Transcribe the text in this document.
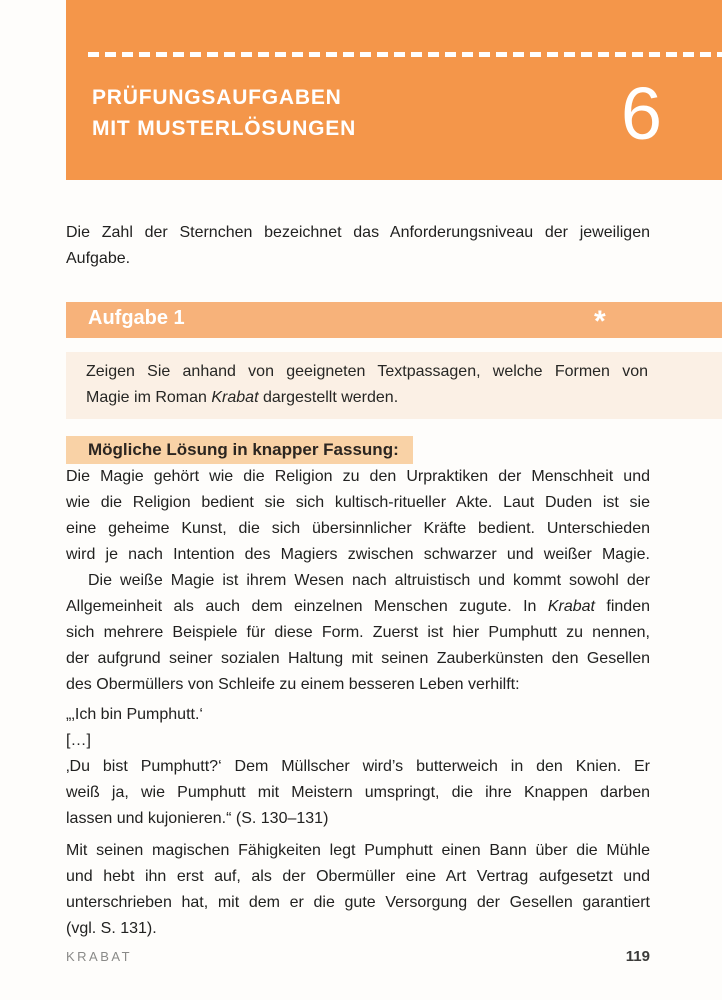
PRÜFUNGSAUFGABEN
MIT MUSTERLÖSUNGEN	6
Die Zahl der Sternchen bezeichnet das Anforderungsniveau der jeweiligen
Aufgabe.
Aufgabe 1	*
Zeigen Sie anhand von geeigneten Textpassagen, welche Formen von
Magie im Roman Krabat dargestellt werden.
Mögliche Lösung in knapper Fassung:
Die Magie gehört wie die Religion zu den Urpraktiken der Menschheit und
wie die Religion bedient sie sich kultisch-ritueller Akte. Laut Duden ist sie
eine geheime Kunst, die sich übersinnlicher Kräfte bedient. Unterschieden
wird je nach Intention des Magiers zwischen schwarzer und weißer Magie.
Die weiße Magie ist ihrem Wesen nach altruistisch und kommt sowohl der
Allgemeinheit als auch dem einzelnen Menschen zugute. In Krabat finden
sich mehrere Beispiele für diese Form. Zuerst ist hier Pumphutt zu nennen,
der aufgrund seiner sozialen Haltung mit seinen Zauberkünsten den Gesellen
des Obermüllers von Schleife zu einem besseren Leben verhilft:
„‚Ich bin Pumphutt.‘
[…]
‚Du bist Pumphutt?‘ Dem Müllscher wird’s butterweich in den Knien. Er
weiß ja, wie Pumphutt mit Meistern umspringt, die ihre Knappen darben
lassen und kujonieren.“ (S. 130–131)
Mit seinen magischen Fähigkeiten legt Pumphutt einen Bann über die Mühle
und hebt ihn erst auf, als der Obermüller eine Art Vertrag aufgesetzt und
unterschrieben hat, mit dem er die gute Versorgung der Gesellen garantiert
(vgl. S. 131).
KRABAT	119
